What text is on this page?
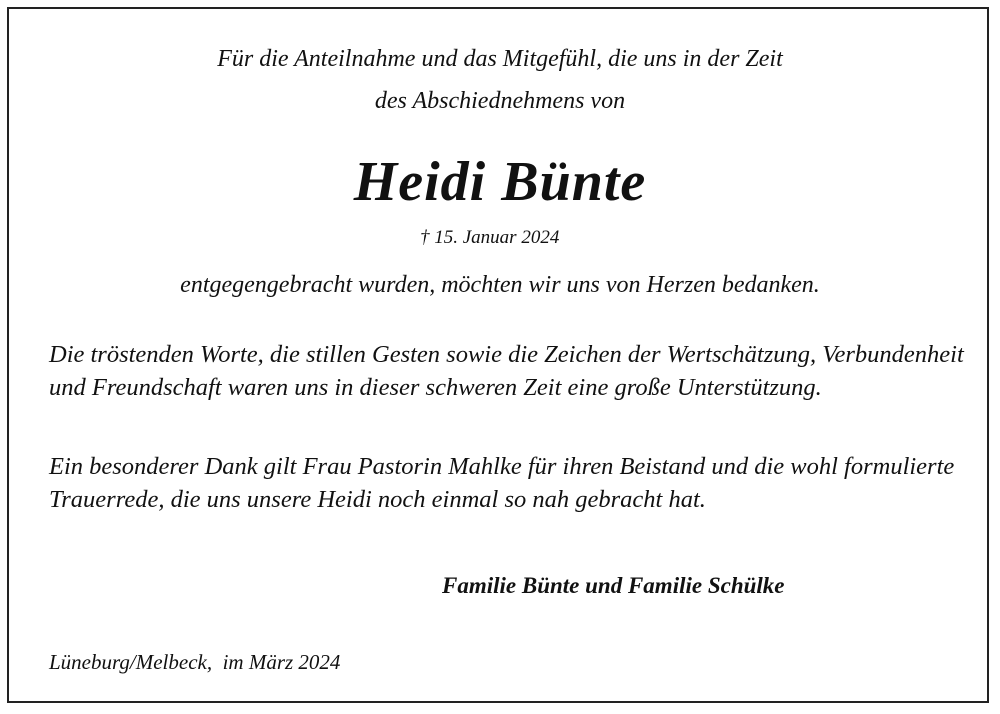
Für die Anteilnahme und das Mitgefühl, die uns in der Zeit
des Abschiednehmens von
Heidi Bünte
† 15. Januar 2024
entgegengebracht wurden, möchten wir uns von Herzen bedanken.
Die tröstenden Worte, die stillen Gesten sowie die Zeichen der Wertschätzung, Verbundenheit und Freundschaft waren uns in dieser schweren Zeit eine große Unterstützung.
Ein besonderer Dank gilt Frau Pastorin Mahlke für ihren Beistand und die wohl formulierte Trauerrede, die uns unsere Heidi noch einmal so nah gebracht hat.
Familie Bünte und Familie Schülke
Lüneburg/Melbeck,  im März 2024
